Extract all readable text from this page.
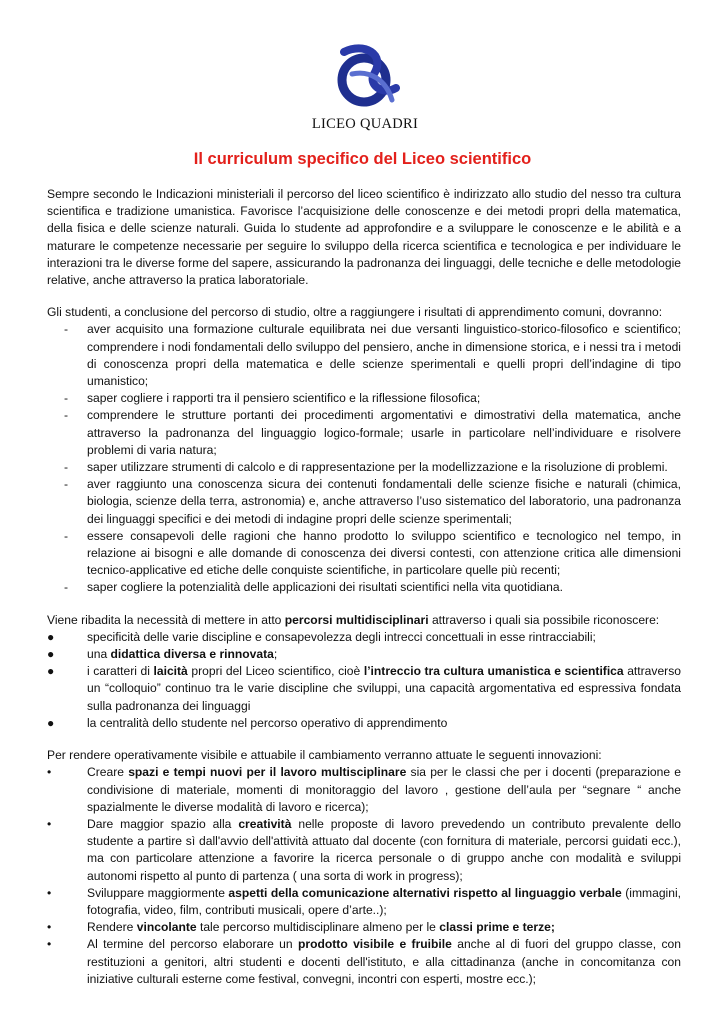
LICEO QUADRI
Il curriculum specifico del Liceo scientifico

Sempre secondo le Indicazioni ministeriali il percorso del liceo scientifico è indirizzato allo studio del nesso tra cultura scientifica e tradizione umanistica. Favorisce l’acquisizione delle conoscenze e dei metodi propri della matematica, della fisica e delle scienze naturali. Guida lo studente ad approfondire e a sviluppare le conoscenze e le abilità e a maturare le competenze necessarie per seguire lo sviluppo della ricerca scientifica e tecnologica e per individuare le interazioni tra le diverse forme del sapere, assicurando la padronanza dei linguaggi, delle tecniche e delle metodologie relative, anche attraverso la pratica laboratoriale.

Gli studenti, a conclusione del percorso di studio, oltre a raggiungere i risultati di apprendimento comuni, dovranno:

- aver acquisito una formazione culturale equilibrata nei due versanti linguistico-storico-filosofico e scientifico; comprendere i nodi fondamentali dello sviluppo del pensiero, anche in dimensione storica, e i nessi tra i metodi di conoscenza propri della matematica e delle scienze sperimentali e quelli propri dell’indagine di tipo umanistico;
- saper cogliere i rapporti tra il pensiero scientifico e la riflessione filosofica;
- comprendere le strutture portanti dei procedimenti argomentativi e dimostrativi della matematica, anche attraverso la padronanza del linguaggio logico-formale; usarle in particolare nell’individuare e risolvere problemi di varia natura;
- saper utilizzare strumenti di calcolo e di rappresentazione per la modellizzazione e la risoluzione di problemi.
- aver raggiunto una conoscenza sicura dei contenuti fondamentali delle scienze fisiche e naturali (chimica, biologia, scienze della terra, astronomia) e, anche attraverso l’uso sistematico del laboratorio, una padronanza dei linguaggi specifici e dei metodi di indagine propri delle scienze sperimentali;
- essere consapevoli delle ragioni che hanno prodotto lo sviluppo scientifico e tecnologico nel tempo, in relazione ai bisogni e alle domande di conoscenza dei diversi contesti, con attenzione critica alle dimensioni tecnico-applicative ed etiche delle conquiste scientifiche, in particolare quelle più recenti;
- saper cogliere la potenzialità delle applicazioni dei risultati scientifici nella vita quotidiana.

Viene ribadita la necessità di mettere in atto percorsi multidisciplinari attraverso i quali sia possibile riconoscere:

●	specificità delle varie discipline e consapevolezza degli intrecci concettuali in esse rintracciabili;
●	una didattica diversa e rinnovata;
●	i caratteri di laicità propri del Liceo scientifico, cioè l’intreccio tra cultura umanistica e scientifica attraverso un “colloquio” continuo tra le varie discipline che sviluppi, una capacità argomentativa ed espressiva fondata sulla padronanza dei linguaggi
●	la centralità dello studente nel percorso operativo di apprendimento

Per rendere operativamente visibile e attuabile il cambiamento verranno attuate le seguenti innovazioni:

•	Creare spazi e tempi nuovi per il lavoro multisciplinare sia per le classi che per i docenti (preparazione e condivisione di materiale, momenti di monitoraggio del lavoro , gestione dell’aula per “segnare “ anche spazialmente le diverse modalità di lavoro e ricerca);
•	Dare maggior spazio alla creatività nelle proposte di lavoro prevedendo un contributo prevalente dello studente a partire sì dall'avvio dell'attività attuato dal docente (con fornitura di materiale, percorsi guidati ecc.), ma con particolare attenzione a favorire la ricerca personale o di gruppo anche con modalità e sviluppi autonomi rispetto al punto di partenza ( una sorta di work in progress);
•	Sviluppare maggiormente aspetti della comunicazione alternativi rispetto al linguaggio verbale (immagini, fotografia, video, film, contributi musicali, opere d’arte..);
•	Rendere vincolante tale percorso multidisciplinare almeno per le classi prime e terze;
•	Al termine del percorso elaborare un prodotto visibile e fruibile anche al di fuori del gruppo classe, con restituzioni a genitori, altri studenti e docenti dell'istituto, e alla cittadinanza (anche in concomitanza con iniziative culturali esterne come festival, convegni, incontri con esperti, mostre ecc.);
